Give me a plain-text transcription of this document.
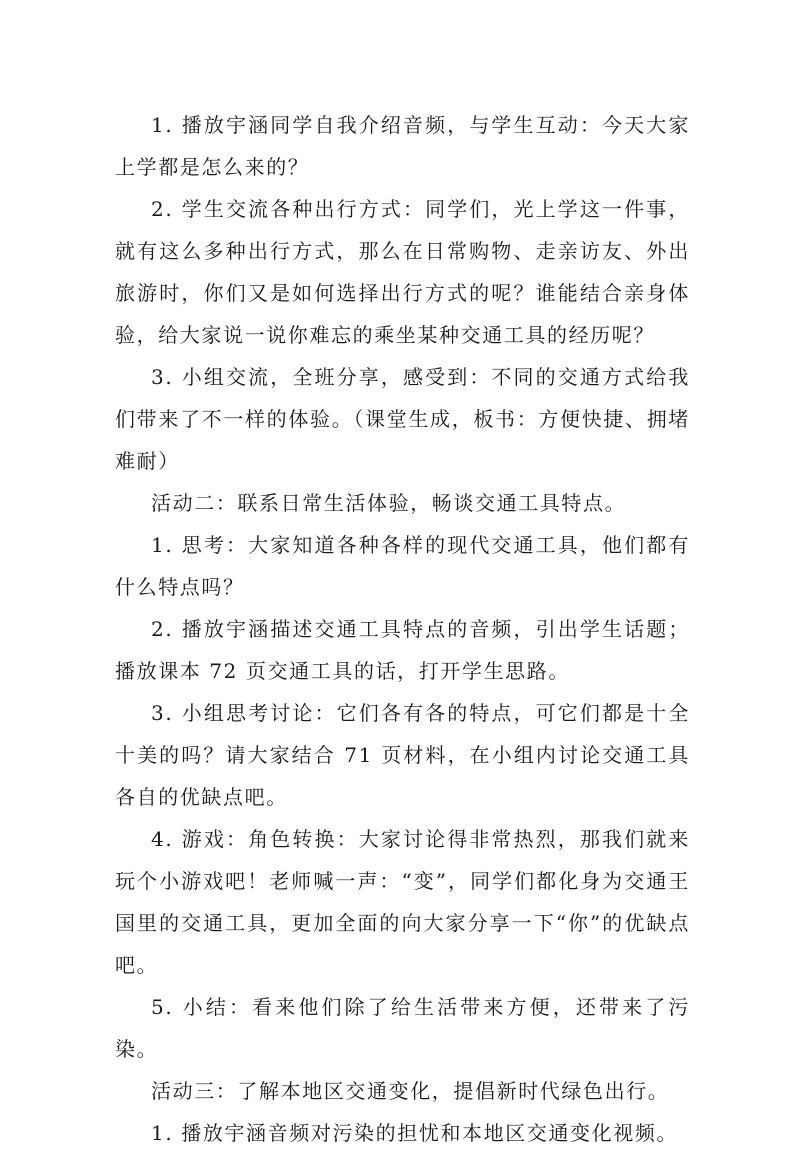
1. 播放宇涵同学自我介绍音频，与学生互动：今天大家上学都是怎么来的？

2. 学生交流各种出行方式：同学们，光上学这一件事，就有这么多种出行方式，那么在日常购物、走亲访友、外出旅游时，你们又是如何选择出行方式的呢？谁能结合亲身体验，给大家说一说你难忘的乘坐某种交通工具的经历呢？

3. 小组交流，全班分享，感受到：不同的交通方式给我们带来了不一样的体验。（课堂生成，板书：方便快捷、拥堵难耐）

活动二：联系日常生活体验，畅谈交通工具特点。

1. 思考：大家知道各种各样的现代交通工具，他们都有什么特点吗？

2. 播放宇涵描述交通工具特点的音频，引出学生话题；播放课本 72 页交通工具的话，打开学生思路。

3. 小组思考讨论：它们各有各的特点，可它们都是十全十美的吗？请大家结合 71 页材料，在小组内讨论交通工具各自的优缺点吧。

4. 游戏：角色转换：大家讨论得非常热烈，那我们就来玩个小游戏吧！老师喊一声：“变”，同学们都化身为交通王国里的交通工具，更加全面的向大家分享一下“你”的优缺点吧。

5. 小结：看来他们除了给生活带来方便，还带来了污染。

活动三：了解本地区交通变化，提倡新时代绿色出行。

1. 播放宇涵音频对污染的担忧和本地区交通变化视频。
